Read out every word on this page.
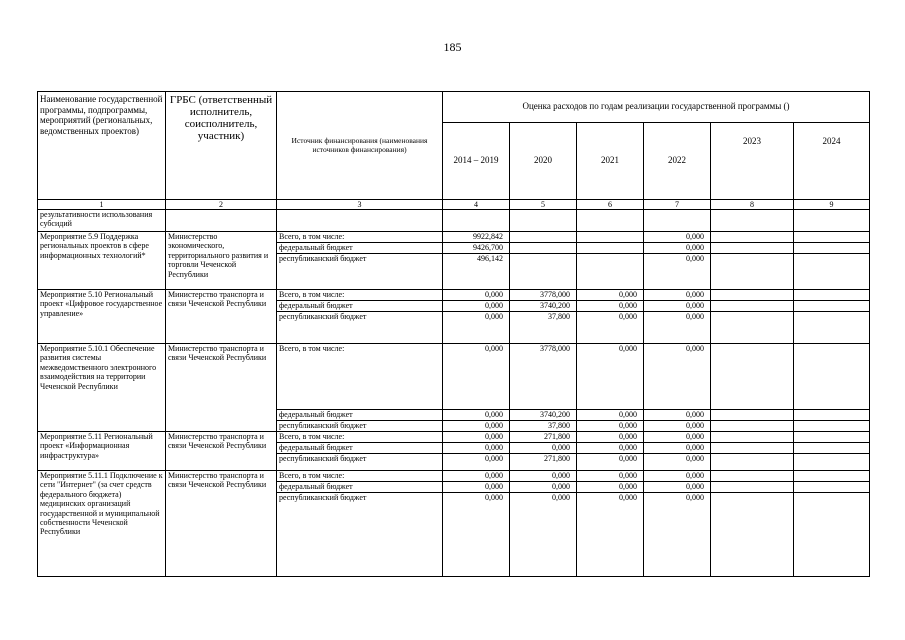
185
Наименование государственной программы, подпрограммы, мероприятий (региональных, ведомственных проектов)	ГРБС (ответственный исполнитель, соисполнитель, участник)	Источник финансирования (наименования источников финансирования)	Оценка расходов по годам реализации государственной программы ()					
			2014 – 2019	2020	2021	2022	2023	2024
1	2	3	4	5	6	7	8	9
результативности использования субсидий								
Мероприятие 5.9 Поддержка региональных проектов в сфере информационных технологий*	Министерство экономического, территориального развития и торговли Чеченской Республики	Всего, в том числе:	9922,842			0,000		
		федеральный бюджет	9426,700			0,000		
		республиканский бюджет	496,142			0,000		
Мероприятие 5.10 Региональный проект «Цифровое государственное управление»	Министерство транспорта и связи Чеченской Республики	Всего, в том числе:	0,000	3778,000	0,000	0,000		
		федеральный бюджет	0,000	3740,200	0,000	0,000		
		республиканский бюджет	0,000	37,800	0,000	0,000		
Мероприятие 5.10.1 Обеспечение развития системы межведомственного электронного взаимодействия на территории Чеченской Республики	Министерство транспорта и связи Чеченской Республики	Всего, в том числе:	0,000	3778,000	0,000	0,000		
		федеральный бюджет	0,000	3740,200	0,000	0,000		
		республиканский бюджет	0,000	37,800	0,000	0,000		
Мероприятие 5.11 Региональный проект «Информационная инфраструктура»	Министерство транспорта и связи Чеченской Республики	Всего, в том числе:	0,000	271,800	0,000	0,000		
		федеральный бюджет	0,000	0,000	0,000	0,000		
		республиканский бюджет	0,000	271,800	0,000	0,000		
Мероприятие 5.11.1 Подключение к сети "Интернет" (за счет средств федерального бюджета) медицинских организаций государственной и муниципальной собственности Чеченской Республики	Министерство транспорта и связи Чеченской Республики	Всего, в том числе:	0,000	0,000	0,000	0,000		
		федеральный бюджет	0,000	0,000	0,000	0,000		
		республиканский бюджет	0,000	0,000	0,000	0,000		
